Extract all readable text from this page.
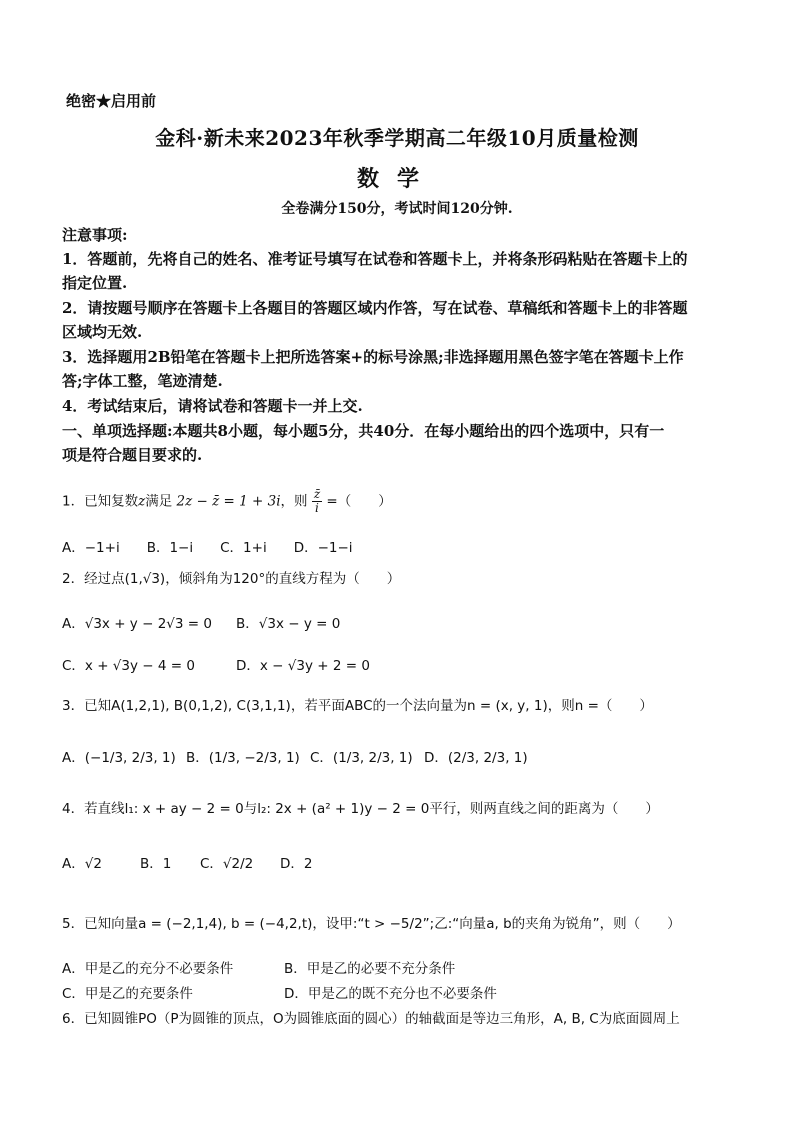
绝密★启用前
金科·新未来2023年秋季学期高二年级10月质量检测
数学
全卷满分150分，考试时间120分钟.
注意事项:
1．答题前，先将自己的姓名、准考证号填写在试卷和答题卡上，并将条形码粘贴在答题卡上的
指定位置.
2．请按题号顺序在答题卡上各题目的答题区域内作答，写在试卷、草稿纸和答题卡上的非答题
区域均无效.
3．选择题用2B铅笔在答题卡上把所选答案+的标号涂黑;非选择题用黑色签字笔在答题卡上作
答;字体工整，笔迹清楚.
4．考试结束后，请将试卷和答题卡一并上交.
一、单项选择题:本题共8小题，每小题5分，共40分．在每小题给出的四个选项中，只有一
项是符合题目要求的.
1．已知复数z满足 2z − z̄ = 1 + 3i，则 $\frac{z̄}{i}$ =（　　）
A．−1+i　　B．1−i　　C．1+i　　D．−1−i
2．经过点(1,√3)，倾斜角为120°的直线方程为（　　）
A．√3x + y − 2√3 = 0 B．√3x − y = 0
C．x + √3y − 4 = 0	D．x − √3y + 2 = 0
3．已知A(1,2,1), B(0,1,2), C(3,1,1)，若平面ABC的一个法向量为n = (x, y, 1)，则n =（　　）
A．(−1/3, 2/3, 1) B．(1/3, −2/3, 1) C．(1/3, 2/3, 1) D．(2/3, 2/3, 1)
4．若直线l₁: x + ay − 2 = 0与l₂: 2x + (a² + 1)y − 2 = 0平行，则两直线之间的距离为（　　）
A．√2	B．1 C．√2/2 D．2
5．已知向量a = (−2,1,4), b = (−4,2,t)，设甲:“t > −5/2”;乙:“向量a, b的夹角为锐角”，则（　　）
A．甲是乙的充分不必要条件	B．甲是乙的必要不充分条件
C．甲是乙的充要条件	D．甲是乙的既不充分也不必要条件
6．已知圆锥PO（P为圆锥的顶点，O为圆锥底面的圆心）的轴截面是等边三角形，A, B, C为底面圆周上
